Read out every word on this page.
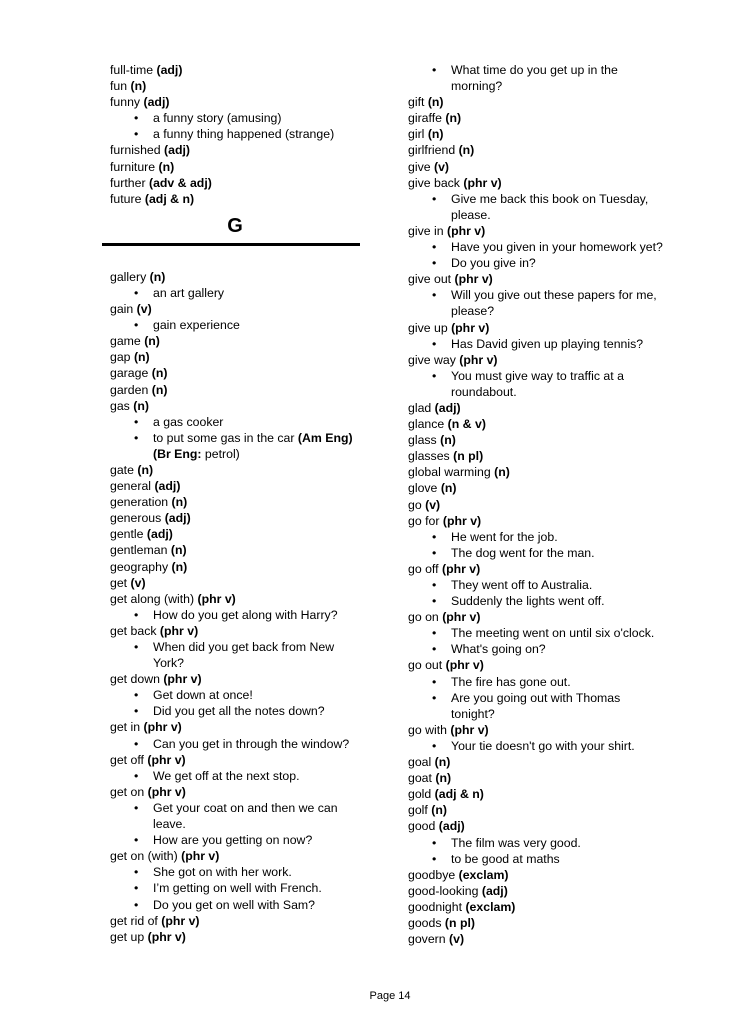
full-time (adj)
fun (n)
funny (adj)
• a funny story (amusing)
• a funny thing happened (strange)
furnished (adj)
furniture (n)
further (adv & adj)
future (adj & n)
G
gallery (n)
• an art gallery
gain (v)
• gain experience
game (n)
gap (n)
garage (n)
garden (n)
gas (n)
• a gas cooker
• to put some gas in the car (Am Eng)
(Br Eng: petrol)
gate (n)
general (adj)
generation (n)
generous (adj)
gentle (adj)
gentleman (n)
geography (n)
get (v)
get along (with) (phr v)
• How do you get along with Harry?
get back (phr v)
• When did you get back from New
York?
get down (phr v)
• Get down at once!
• Did you get all the notes down?
get in (phr v)
• Can you get in through the window?
get off (phr v)
• We get off at the next stop.
get on (phr v)
• Get your coat on and then we can
leave.
• How are you getting on now?
get on (with) (phr v)
• She got on with her work.
• I’m getting on well with French.
• Do you get on well with Sam?
get rid of (phr v)
get up (phr v)
• What time do you get up in the
morning?
gift (n)
giraffe (n)
girl (n)
girlfriend (n)
give (v)
give back (phr v)
• Give me back this book on Tuesday,
please.
give in (phr v)
• Have you given in your homework yet?
• Do you give in?
give out (phr v)
• Will you give out these papers for me,
please?
give up (phr v)
• Has David given up playing tennis?
give way (phr v)
• You must give way to traffic at a
roundabout.
glad (adj)
glance (n & v)
glass (n)
glasses (n pl)
global warming (n)
glove (n)
go (v)
go for (phr v)
• He went for the job.
• The dog went for the man.
go off (phr v)
• They went off to Australia.
• Suddenly the lights went off.
go on (phr v)
• The meeting went on until six o'clock.
• What's going on?
go out (phr v)
• The fire has gone out.
• Are you going out with Thomas
tonight?
go with (phr v)
• Your tie doesn't go with your shirt.
goal (n)
goat (n)
gold (adj & n)
golf (n)
good (adj)
• The film was very good.
• to be good at maths
goodbye (exclam)
good-looking (adj)
goodnight (exclam)
goods (n pl)
govern (v)
Page 14
